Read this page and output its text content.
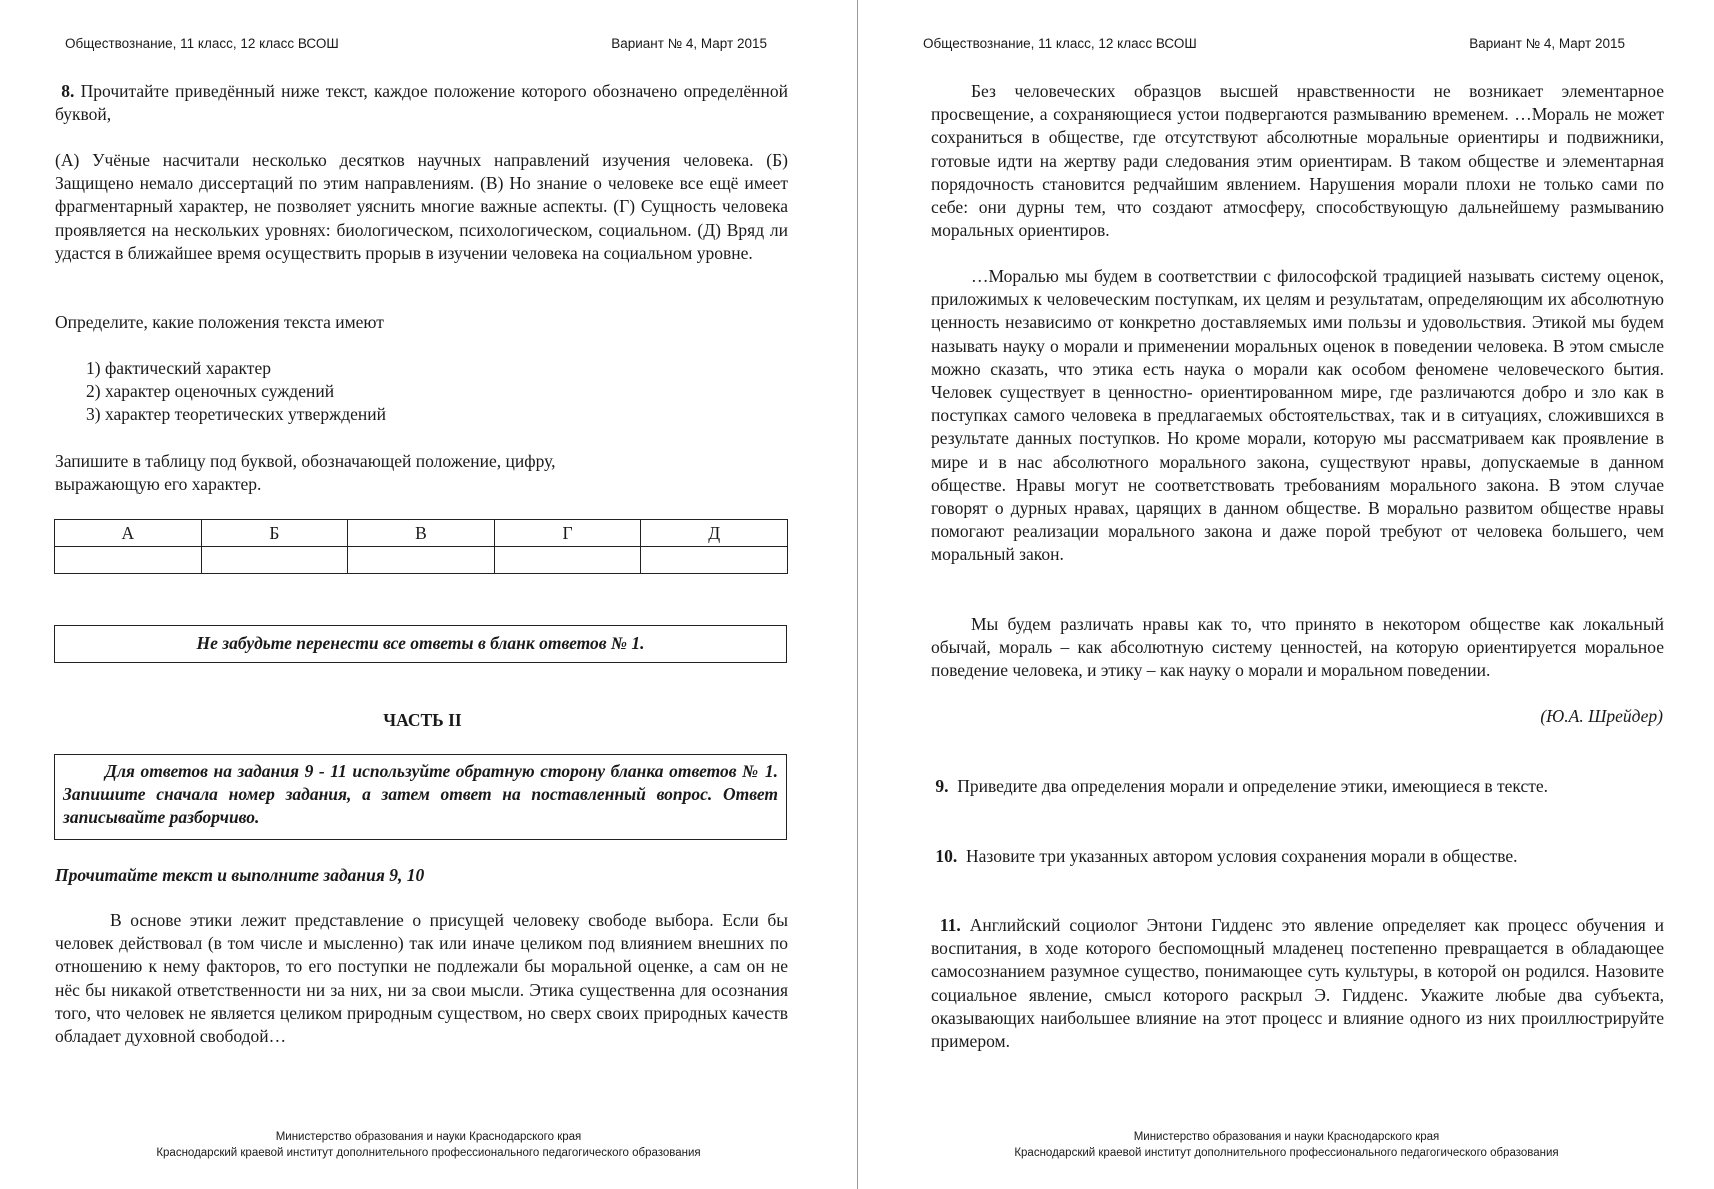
Обществознание, 11 класс, 12 класс ВСОШ	Вариант № 4, Март 2015

8. Прочитайте приведённый ниже текст, каждое положение которого обозначено определённой буквой,

(А) Учёные насчитали несколько десятков научных направлений изучения человека. (Б) Защищено немало диссертаций по этим направлениям. (В) Но знание о человеке все ещё имеет фрагментарный характер, не позволяет уяснить многие важные аспекты. (Г) Сущность человека проявляется на нескольких уровнях: биологическом, психологическом, социальном. (Д) Вряд ли удастся в ближайшее время осуществить прорыв в изучении человека на социальном уровне.

Определите, какие положения текста имеют

1) фактический характер
2) характер оценочных суждений
3) характер теоретических утверждений

Запишите в таблицу под буквой, обозначающей положение, цифру,
выражающую его характер.

А	Б	В	Г	Д

Не забудьте перенести все ответы в бланк ответов № 1.
ЧАСТЬ II
Для ответов на задания 9 - 11 используйте обратную сторону бланка ответов № 1. Запишите сначала номер задания, а затем ответ на поставленный вопрос. Ответ записывайте разборчиво.

Прочитайте текст и выполните задания 9, 10

В основе этики лежит представление о присущей человеку свободе выбора. Если бы человек действовал (в том числе и мысленно) так или иначе целиком под влиянием внешних по отношению к нему факторов, то его поступки не подлежали бы моральной оценке, а сам он не нёс бы никакой ответственности ни за них, ни за свои мысли. Этика существенна для осознания того, что человек не является целиком природным существом, но сверх своих природных качеств обладает духовной свободой…

Министерство образования и науки Краснодарского края
Краснодарский краевой институт дополнительного профессионального педагогического образования
Обществознание, 11 класс, 12 класс ВСОШ	Вариант № 4, Март 2015

Без человеческих образцов высшей нравственности не возникает элементарное просвещение, а сохраняющиеся устои подвергаются размыванию временем. …Мораль не может сохраниться в обществе, где отсутствуют абсолютные моральные ориентиры и подвижники, готовые идти на жертву ради следования этим ориентирам. В таком обществе и элементарная порядочность становится редчайшим явлением. Нарушения морали плохи не только сами по себе: они дурны тем, что создают атмосферу, способствующую дальнейшему размыванию моральных ориентиров.

…Моралью мы будем в соответствии с философской традицией называть систему оценок, приложимых к человеческим поступкам, их целям и результатам, определяющим их абсолютную ценность независимо от конкретно доставляемых ими пользы и удовольствия. Этикой мы будем называть науку о морали и применении моральных оценок в поведении человека. В этом смысле можно сказать, что этика есть наука о морали как особом феномене человеческого бытия. Человек существует в ценностно- ориентированном мире, где различаются добро и зло как в поступках самого человека в предлагаемых обстоятельствах, так и в ситуациях, сложившихся в результате данных поступков. Но кроме морали, которую мы рассматриваем как проявление в мире и в нас абсолютного морального закона, существуют нравы, допускаемые в данном обществе. Нравы могут не соответствовать требованиям морального закона. В этом случае говорят о дурных нравах, царящих в данном обществе. В морально развитом обществе нравы помогают реализации морального закона и даже порой требуют от человека большего, чем моральный закон.

Мы будем различать нравы как то, что принято в некотором обществе как локальный обычай, мораль – как абсолютную систему ценностей, на которую ориентируется моральное поведение человека, и этику – как науку о морали и моральном поведении.

(Ю.А. Шрейдер)

9. Приведите два определения морали и определение этики, имеющиеся в тексте.

10. Назовите три указанных автором условия сохранения морали в обществе.

11. Английский социолог Энтони Гидденс это явление определяет как процесс обучения и воспитания, в ходе которого беспомощный младенец постепенно превращается в обладающее самосознанием разумное существо, понимающее суть культуры, в которой он родился. Назовите социальное явление, смысл которого раскрыл Э. Гидденс. Укажите любые два субъекта, оказывающих наибольшее влияние на этот процесс и влияние одного из них проиллюстрируйте примером.

Министерство образования и науки Краснодарского края
Краснодарский краевой институт дополнительного профессионального педагогического образования
